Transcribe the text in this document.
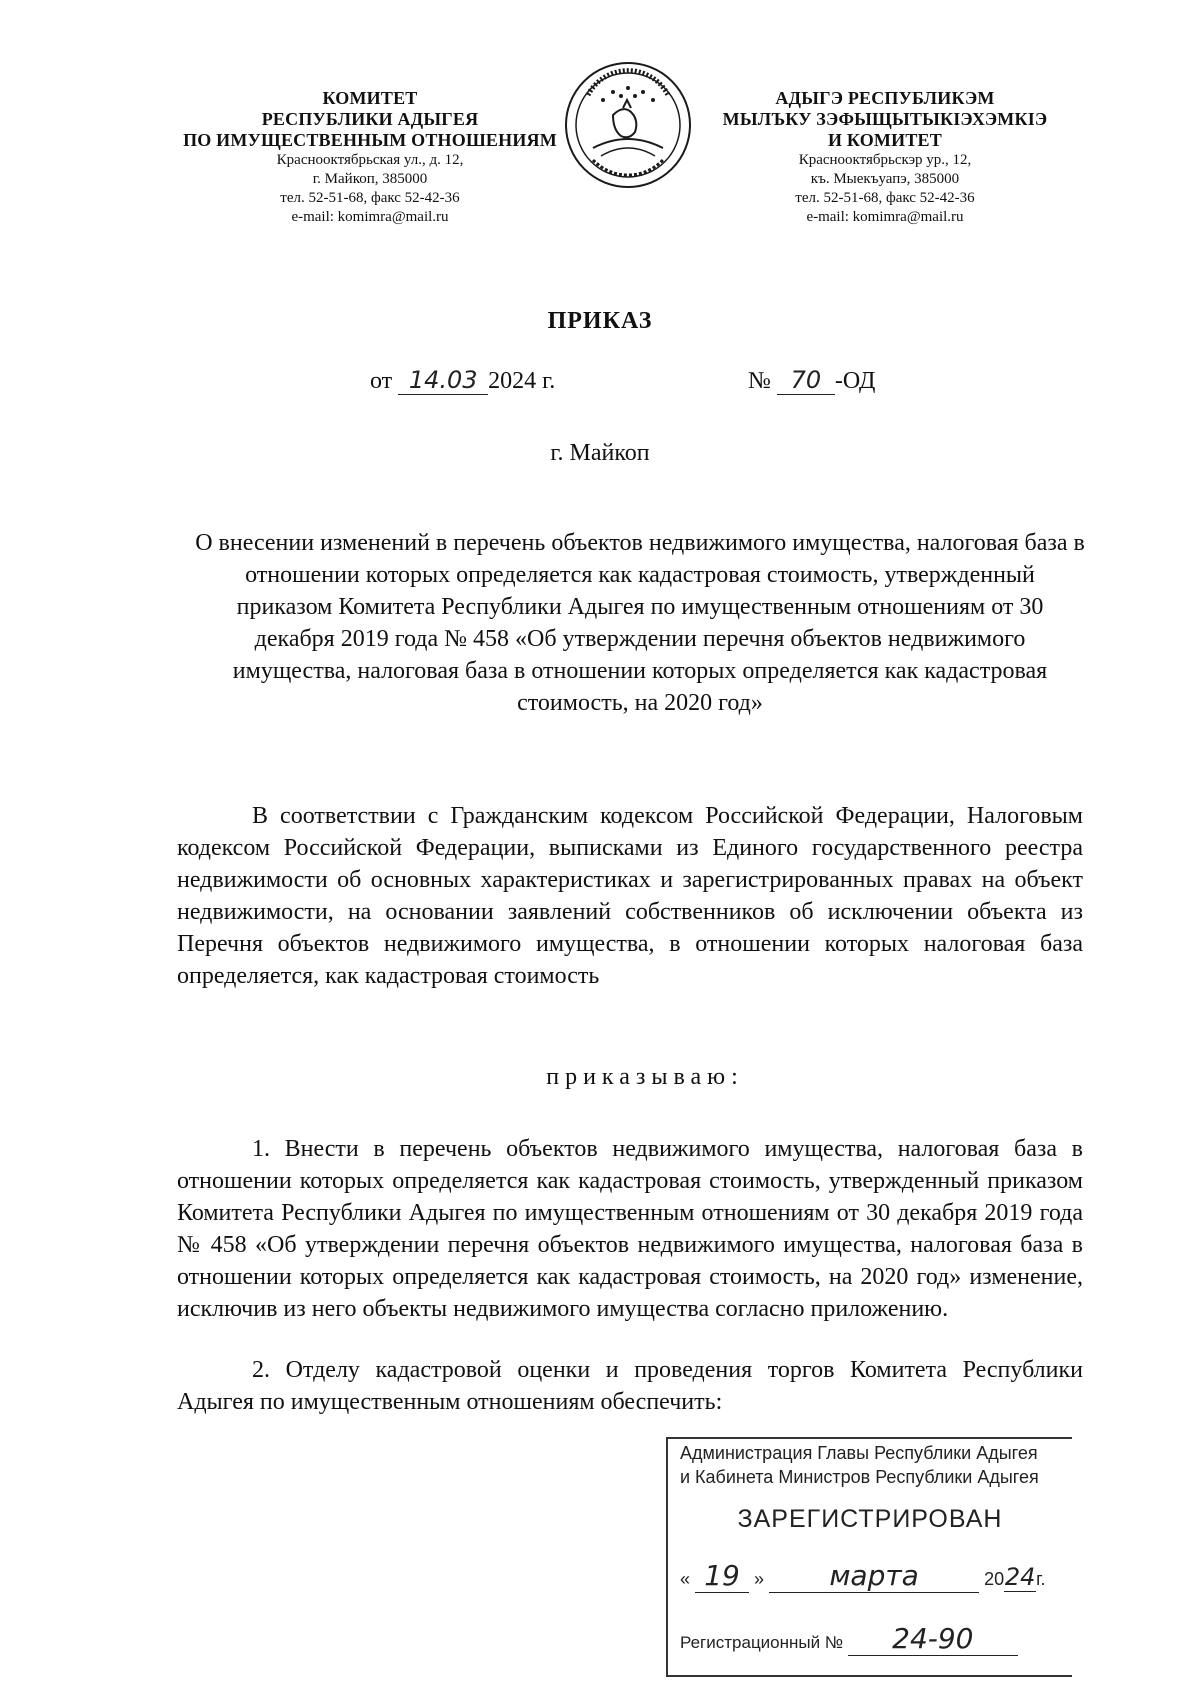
КОМИТЕТ
РЕСПУБЛИКИ АДЫГЕЯ
ПО ИМУЩЕСТВЕННЫМ ОТНОШЕНИЯМ
Краснооктябрьская ул., д. 12,
г. Майкоп, 385000
тел. 52-51-68, факс 52-42-36
e-mail: komimra@mail.ru
АДЫГЭ РЕСПУБЛИКЭМ
МЫЛЪКУ ЗЭФЫЩЫТЫКІЭХЭМКІЭ
И КОМИТЕТ
Краснооктябрьскэр ур., 12,
къ. Мыекъуапэ, 385000
тел. 52-51-68, факс 52-42-36
e-mail: komimra@mail.ru
ПРИКАЗ
от 14.03 2024 г.	№ 70 -ОД
г. Майкоп
О внесении изменений в перечень объектов недвижимого имущества, налоговая база в отношении которых определяется как кадастровая стоимость, утвержденный приказом Комитета Республики Адыгея по имущественным отношениям от 30 декабря 2019 года № 458 «Об утверждении перечня объектов недвижимого имущества, налоговая база в отношении которых определяется как кадастровая стоимость, на 2020 год»
В соответствии с Гражданским кодексом Российской Федерации, Налоговым кодексом Российской Федерации, выписками из Единого государственного реестра недвижимости об основных характеристиках и зарегистрированных правах на объект недвижимости, на основании заявлений собственников об исключении объекта из Перечня объектов недвижимого имущества, в отношении которых налоговая база определяется, как кадастровая стоимость
приказываю:
1. Внести в перечень объектов недвижимого имущества, налоговая база в отношении которых определяется как кадастровая стоимость, утвержденный приказом Комитета Республики Адыгея по имущественным отношениям от 30 декабря 2019 года № 458 «Об утверждении перечня объектов недвижимого имущества, налоговая база в отношении которых определяется как кадастровая стоимость, на 2020 год» изменение, исключив из него объекты недвижимого имущества согласно приложению.
2. Отделу кадастровой оценки и проведения торгов Комитета Республики Адыгея по имущественным отношениям обеспечить:
Администрация Главы Республики Адыгея
и Кабинета Министров Республики Адыгея
ЗАРЕГИСТРИРОВАН
« 19 » марта	2024г.
Регистрационный № 24-90
